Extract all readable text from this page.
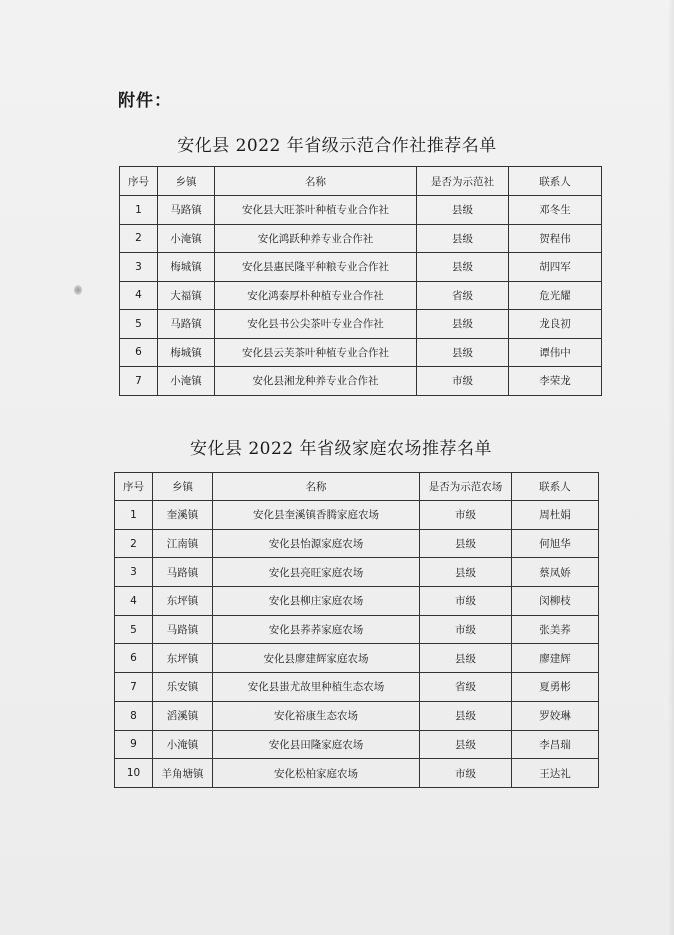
附件：
安化县 2022 年省级示范合作社推荐名单
序号	乡镇	名称	是否为示范社	联系人
1	马路镇	安化县大旺茶叶种植专业合作社	县级	邓冬生
2	小淹镇	安化鸿跃种养专业合作社	县级	贺程伟
3	梅城镇	安化县惠民隆平种粮专业合作社	县级	胡四军
4	大福镇	安化鸿泰厚朴种植专业合作社	省级	危光耀
5	马路镇	安化县书公尖茶叶专业合作社	县级	龙良初
6	梅城镇	安化县云芙茶叶种植专业合作社	县级	谭伟中
7	小淹镇	安化县湘龙种养专业合作社	市级	李荣龙
安化县 2022 年省级家庭农场推荐名单
序号	乡镇	名称	是否为示范农场	联系人
1	奎溪镇	安化县奎溪镇香腾家庭农场	市级	周杜娟
2	江南镇	安化县怡源家庭农场	县级	何旭华
3	马路镇	安化县亮旺家庭农场	县级	蔡凤娇
4	东坪镇	安化县柳庄家庭农场	市级	闵柳枝
5	马路镇	安化县荞荞家庭农场	市级	张美荞
6	东坪镇	安化县廖建辉家庭农场	县级	廖建辉
7	乐安镇	安化县蚩尤故里种植生态农场	省级	夏勇彬
8	滔溪镇	安化裕康生态农场	县级	罗姣琳
9	小淹镇	安化县田隆家庭农场	县级	李昌瑞
10	羊角塘镇	安化松柏家庭农场	市级	王达礼
